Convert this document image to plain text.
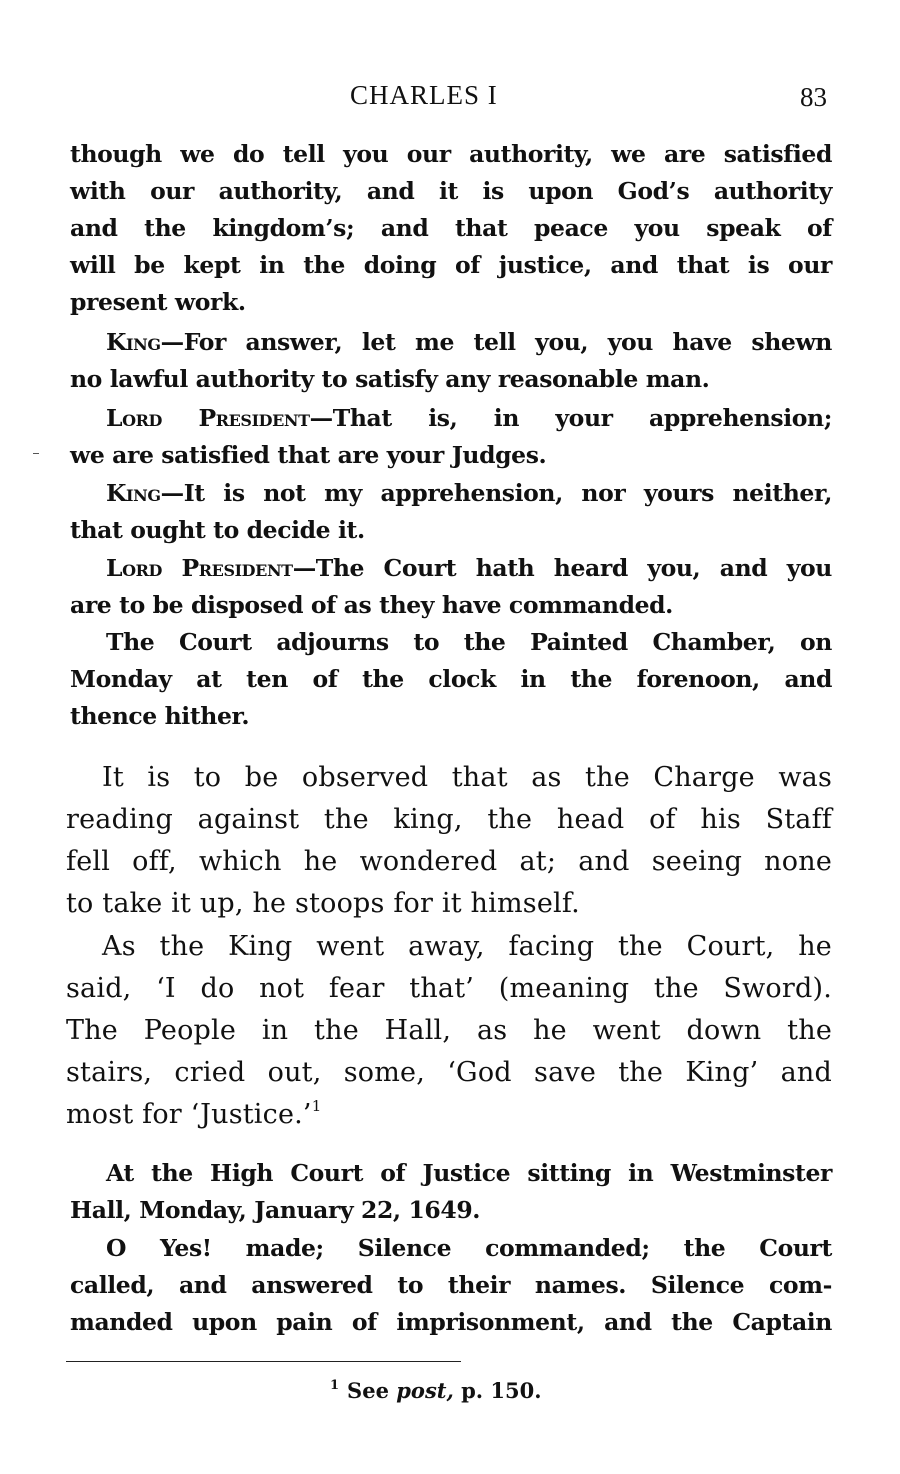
CHARLES I	83
though we do tell you our authority, we are satisfied
with our authority, and it is upon God’s authority
and the kingdom’s; and that peace you speak of
will be kept in the doing of justice, and that is our
present work.
King—For answer, let me tell you, you have shewn
no lawful authority to satisfy any reasonable man.
Lord President—That is, in your apprehension;
we are satisfied that are your Judges.
King—It is not my apprehension, nor yours neither,
that ought to decide it.
Lord President—The Court hath heard you, and you
are to be disposed of as they have commanded.
The Court adjourns to the Painted Chamber, on
Monday at ten of the clock in the forenoon, and
thence hither.
It is to be observed that as the Charge was
reading against the king, the head of his Staff
fell off, which he wondered at; and seeing none
to take it up, he stoops for it himself.
As the King went away, facing the Court, he
said, ‘I do not fear that’ (meaning the Sword).
The People in the Hall, as he went down the
stairs, cried out, some, ‘God save the King’ and
most for ‘Justice.’$^1$
At the High Court of Justice sitting in Westminster
Hall, Monday, January 22, 1649.
O Yes! made; Silence commanded; the Court
called, and answered to their names. Silence com-
manded upon pain of imprisonment, and the Captain
$^1$ See post, p. 150.
